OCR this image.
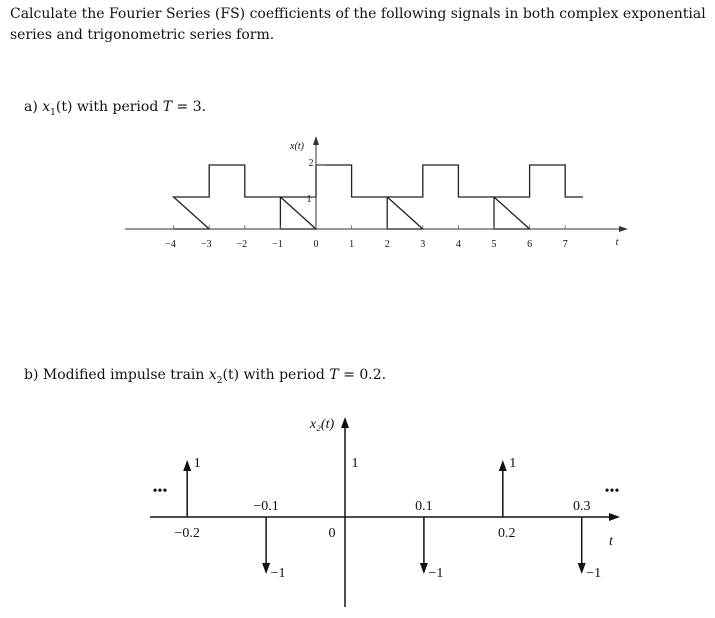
Calculate the Fourier Series (FS) coefficients of the following signals in both complex exponential series and trigonometric series form.
a) $x_1(t)$ with period T = 3.
b) Modified impulse train $x_2(t)$ with period T = 0.2.
−4 −3 −2 −1	0	1	2	3	4	5	6	7
1
2
x(t)
t
1
−0.2
−1
−0.1
1
0
−1
0.1
1
0.2
−1
0.3
•••	•••
x₂(t)
t
